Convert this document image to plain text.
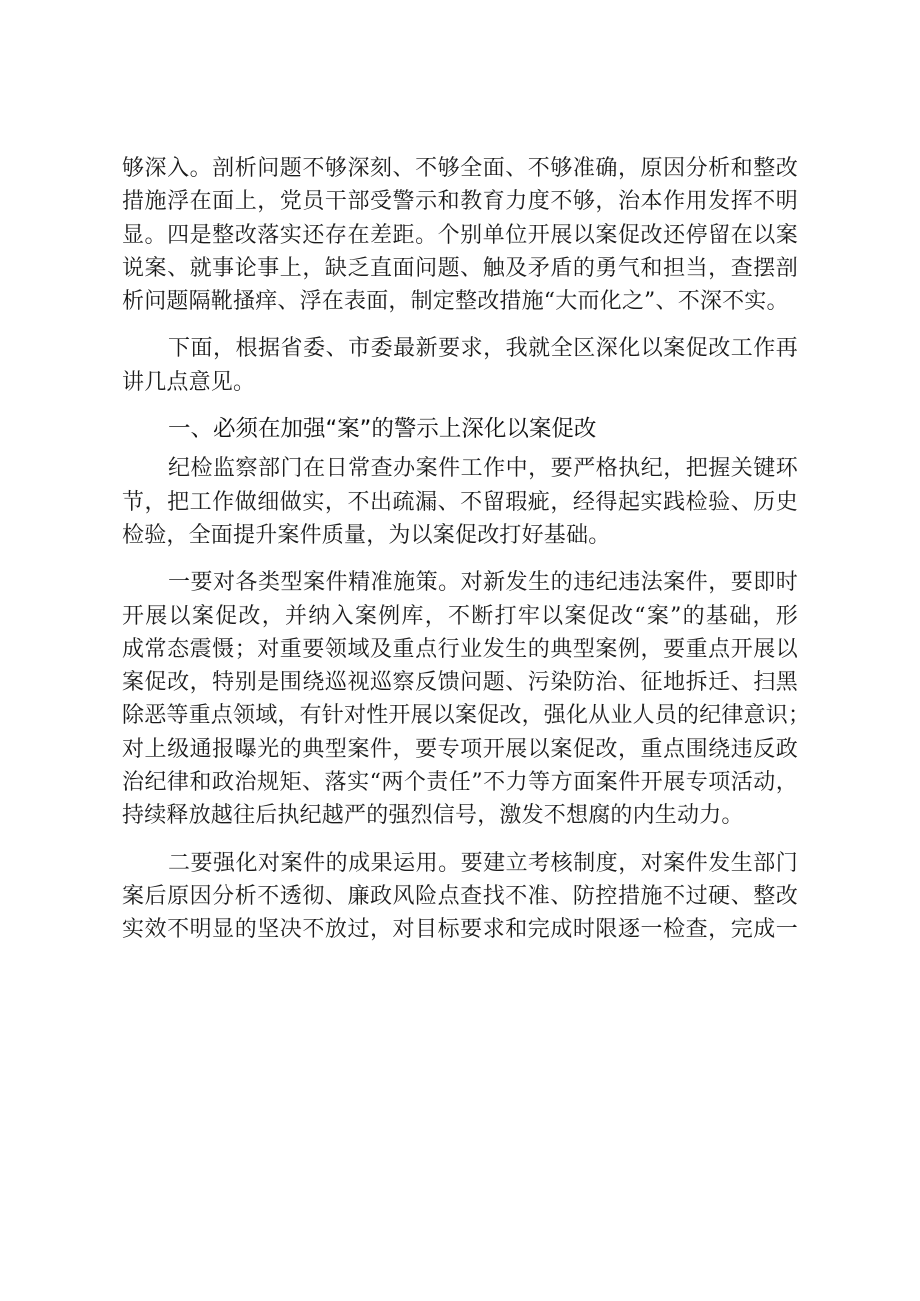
够深入。剖析问题不够深刻、不够全面、不够准确，原因分析和整改
措施浮在面上，党员干部受警示和教育力度不够，治本作用发挥不明
显。四是整改落实还存在差距。个别单位开展以案促改还停留在以案
说案、就事论事上，缺乏直面问题、触及矛盾的勇气和担当，查摆剖
析问题隔靴搔痒、浮在表面，制定整改措施“大而化之”、不深不实。
下面，根据省委、市委最新要求，我就全区深化以案促改工作再
讲几点意见。
一、必须在加强“案”的警示上深化以案促改
纪检监察部门在日常查办案件工作中，要严格执纪，把握关键环
节，把工作做细做实，不出疏漏、不留瑕疵，经得起实践检验、历史
检验，全面提升案件质量，为以案促改打好基础。
一要对各类型案件精准施策。对新发生的违纪违法案件，要即时
开展以案促改，并纳入案例库，不断打牢以案促改“案”的基础，形
成常态震慑；对重要领域及重点行业发生的典型案例，要重点开展以
案促改，特别是围绕巡视巡察反馈问题、污染防治、征地拆迁、扫黑
除恶等重点领域，有针对性开展以案促改，强化从业人员的纪律意识；
对上级通报曝光的典型案件，要专项开展以案促改，重点围绕违反政
治纪律和政治规矩、落实“两个责任”不力等方面案件开展专项活动，
持续释放越往后执纪越严的强烈信号，激发不想腐的内生动力。
二要强化对案件的成果运用。要建立考核制度，对案件发生部门
案后原因分析不透彻、廉政风险点查找不准、防控措施不过硬、整改
实效不明显的坚决不放过，对目标要求和完成时限逐一检查，完成一
